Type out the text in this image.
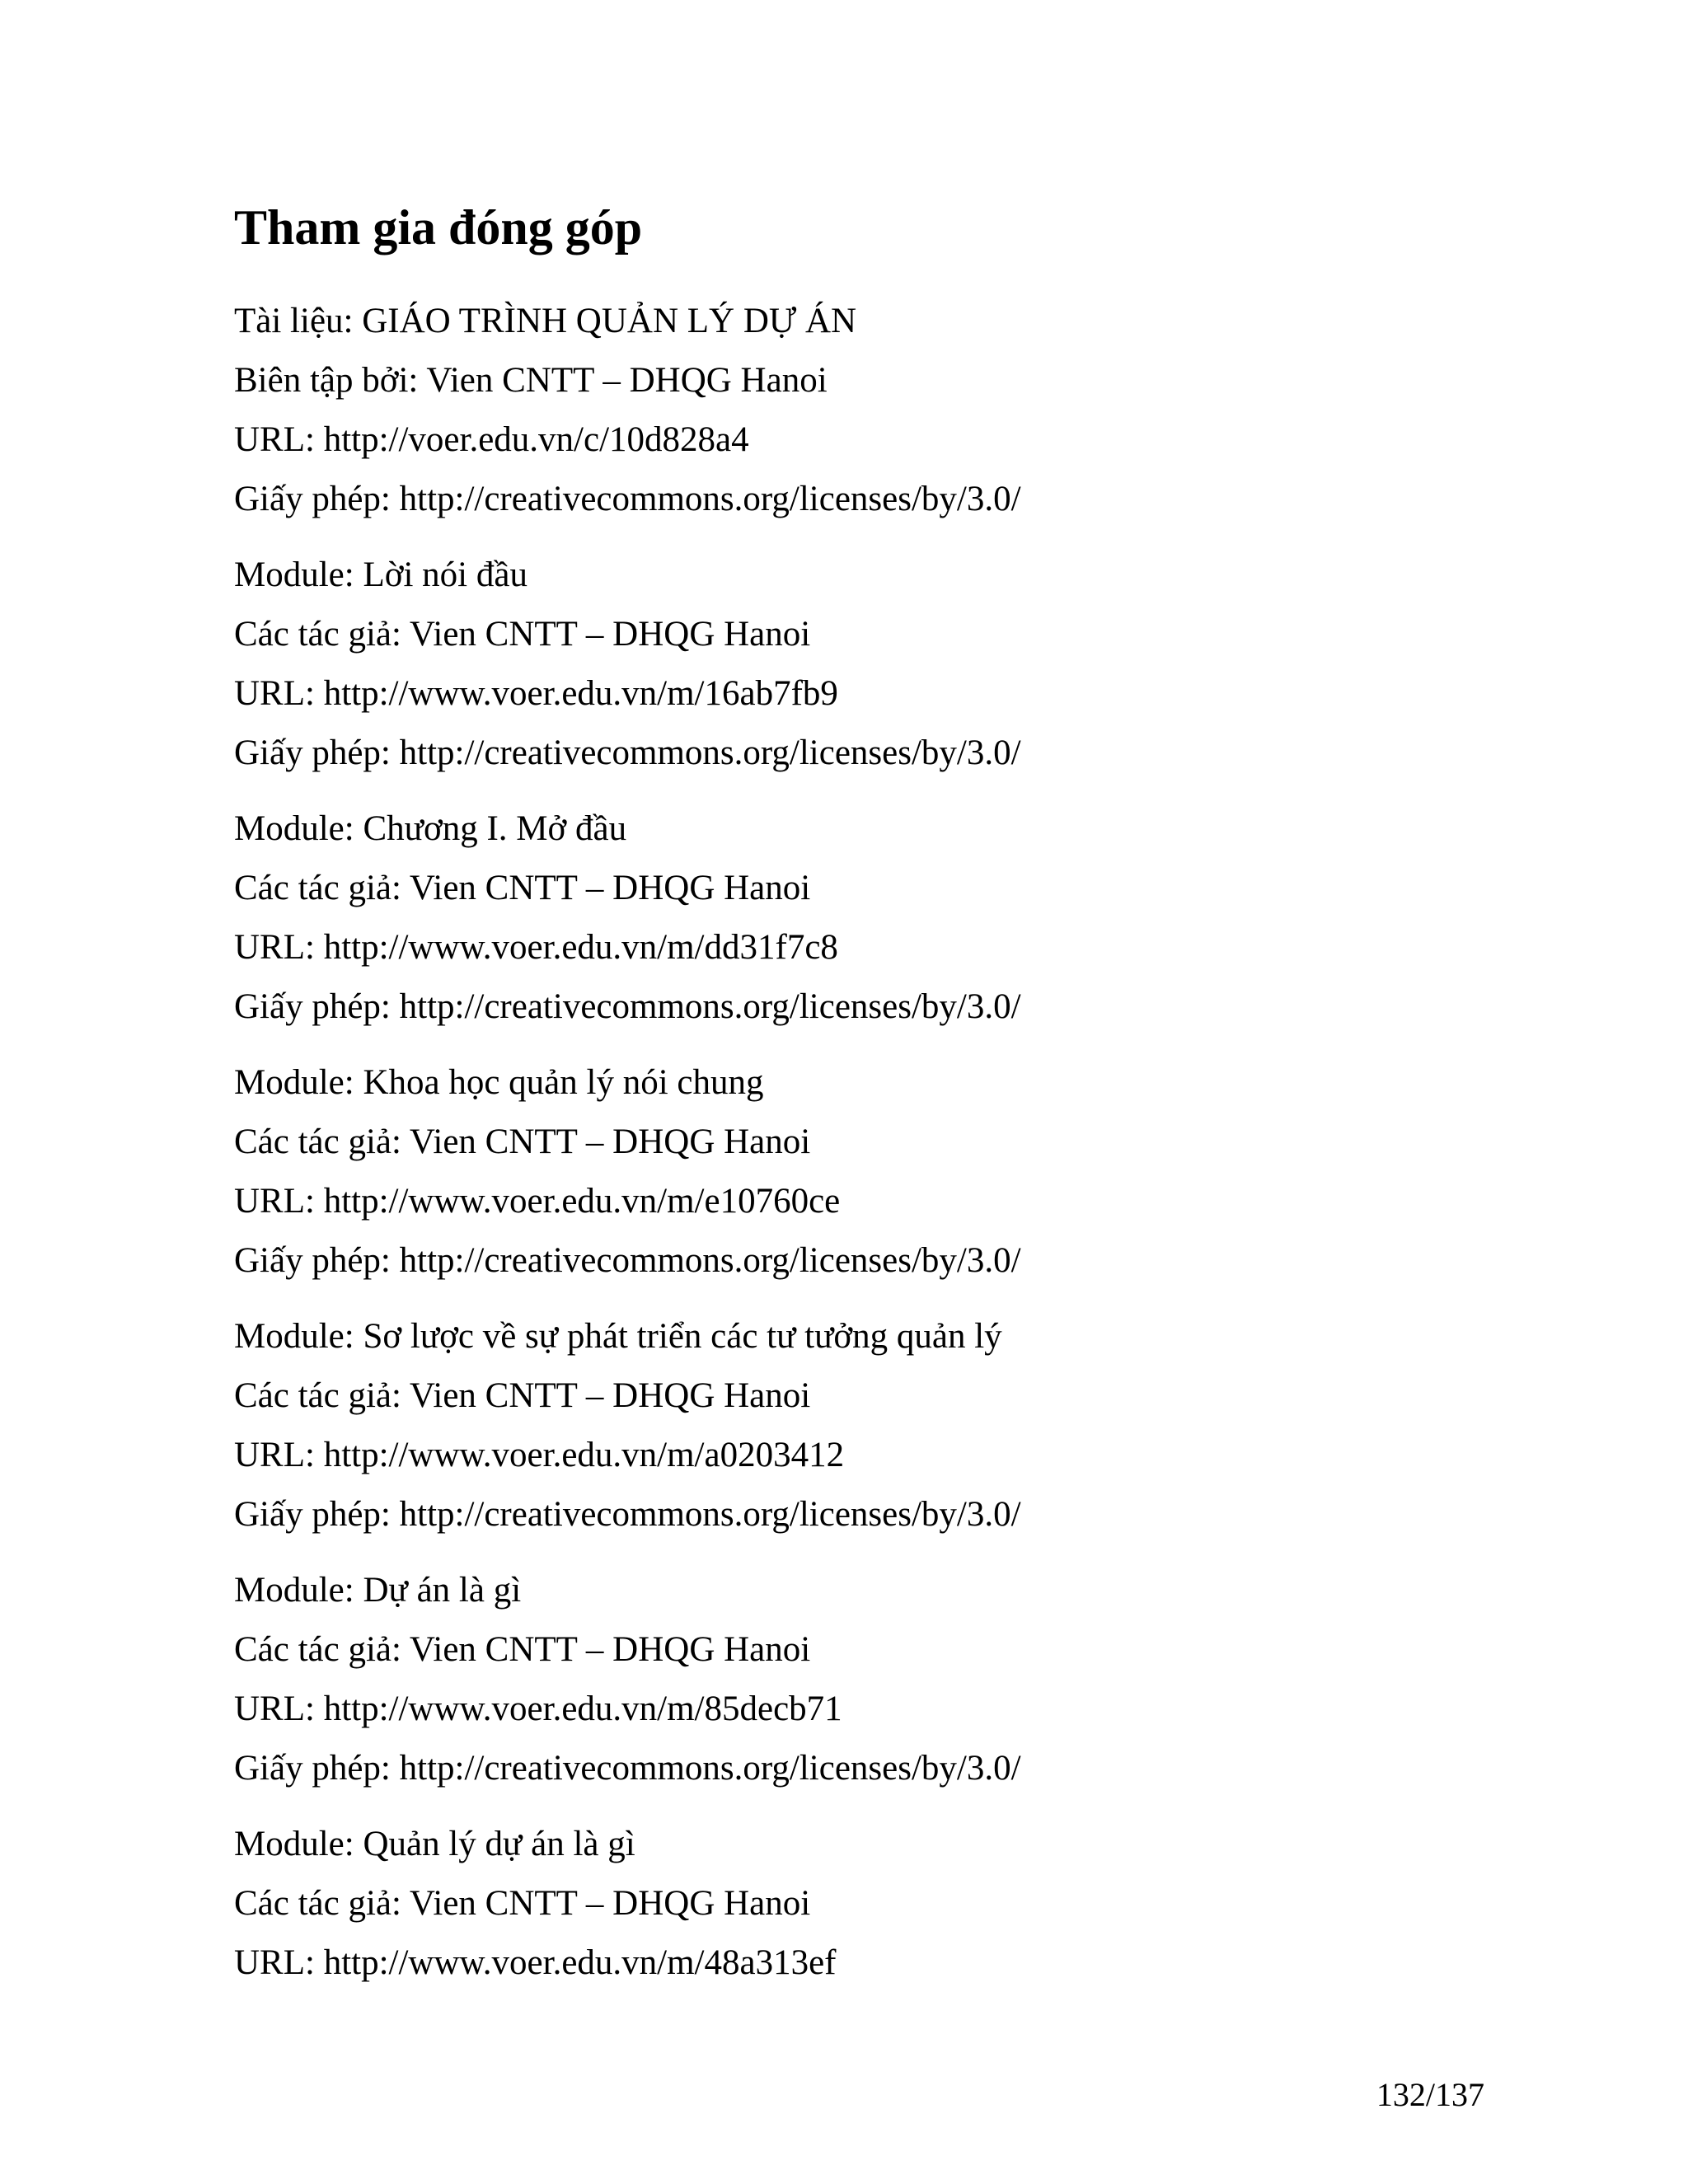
Tham gia đóng góp
Tài liệu: GIÁO TRÌNH QUẢN LÝ DỰ ÁN
Biên tập bởi: Vien CNTT – DHQG Hanoi
URL: http://voer.edu.vn/c/10d828a4
Giấy phép: http://creativecommons.org/licenses/by/3.0/
Module: Lời nói đầu
Các tác giả: Vien CNTT – DHQG Hanoi
URL: http://www.voer.edu.vn/m/16ab7fb9
Giấy phép: http://creativecommons.org/licenses/by/3.0/
Module: Chương I. Mở đầu
Các tác giả: Vien CNTT – DHQG Hanoi
URL: http://www.voer.edu.vn/m/dd31f7c8
Giấy phép: http://creativecommons.org/licenses/by/3.0/
Module: Khoa học quản lý nói chung
Các tác giả: Vien CNTT – DHQG Hanoi
URL: http://www.voer.edu.vn/m/e10760ce
Giấy phép: http://creativecommons.org/licenses/by/3.0/
Module: Sơ lược về sự phát triển các tư tưởng quản lý
Các tác giả: Vien CNTT – DHQG Hanoi
URL: http://www.voer.edu.vn/m/a0203412
Giấy phép: http://creativecommons.org/licenses/by/3.0/
Module: Dự án là gì
Các tác giả: Vien CNTT – DHQG Hanoi
URL: http://www.voer.edu.vn/m/85decb71
Giấy phép: http://creativecommons.org/licenses/by/3.0/
Module: Quản lý dự án là gì
Các tác giả: Vien CNTT – DHQG Hanoi
URL: http://www.voer.edu.vn/m/48a313ef
132/137
